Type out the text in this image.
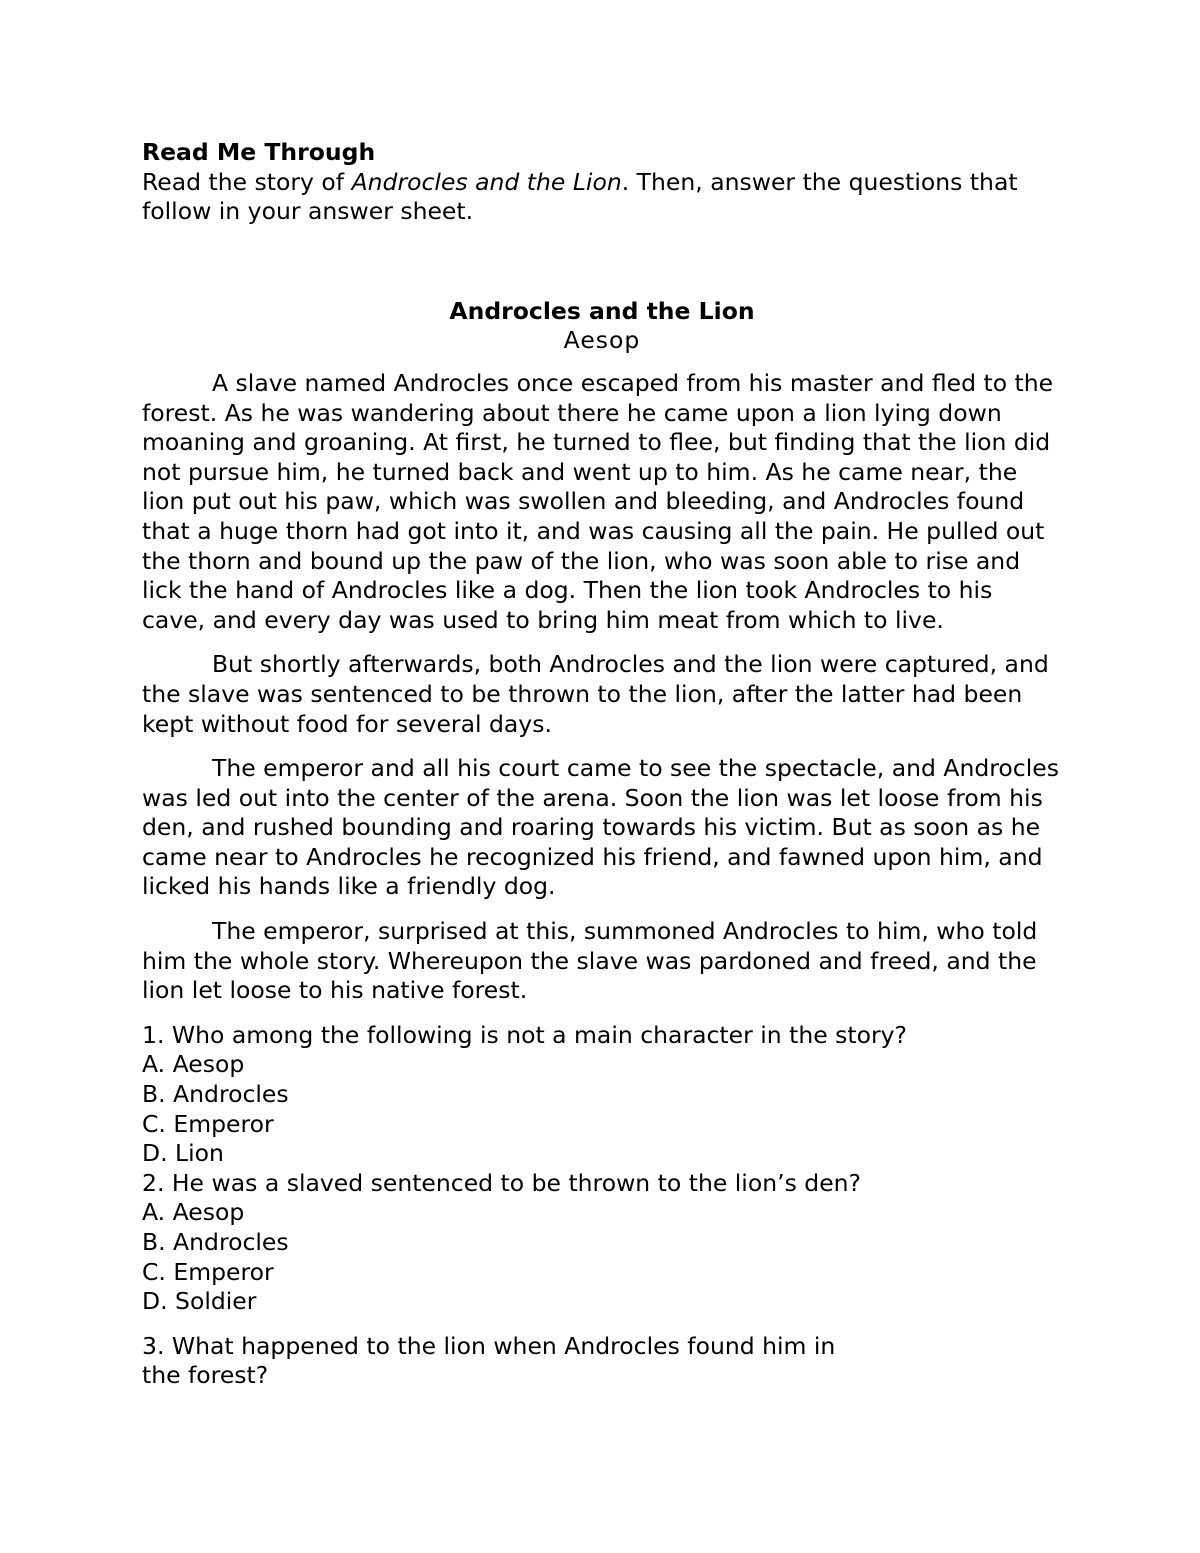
Read Me Through

Read the story of Androcles and the Lion. Then, answer the questions that follow in your answer sheet.

Androcles and the Lion

Aesop

A slave named Androcles once escaped from his master and fled to the forest. As he was wandering about there he came upon a lion lying down moaning and groaning. At first, he turned to flee, but finding that the lion did not pursue him, he turned back and went up to him. As he came near, the lion put out his paw, which was swollen and bleeding, and Androcles found that a huge thorn had got into it, and was causing all the pain. He pulled out the thorn and bound up the paw of the lion, who was soon able to rise and lick the hand of Androcles like a dog. Then the lion took Androcles to his cave, and every day was used to bring him meat from which to live.

But shortly afterwards, both Androcles and the lion were captured, and the slave was sentenced to be thrown to the lion, after the latter had been kept without food for several days.

The emperor and all his court came to see the spectacle, and Androcles was led out into the center of the arena. Soon the lion was let loose from his den, and rushed bounding and roaring towards his victim. But as soon as he came near to Androcles he recognized his friend, and fawned upon him, and licked his hands like a friendly dog.

The emperor, surprised at this, summoned Androcles to him, who told him the whole story. Whereupon the slave was pardoned and freed, and the lion let loose to his native forest.

1. Who among the following is not a main character in the story?

A. Aesop

B. Androcles

C. Emperor

D. Lion

2. He was a slaved sentenced to be thrown to the lion’s den?

A. Aesop

B. Androcles

C. Emperor

D. Soldier

3. What happened to the lion when Androcles found him in the forest?
